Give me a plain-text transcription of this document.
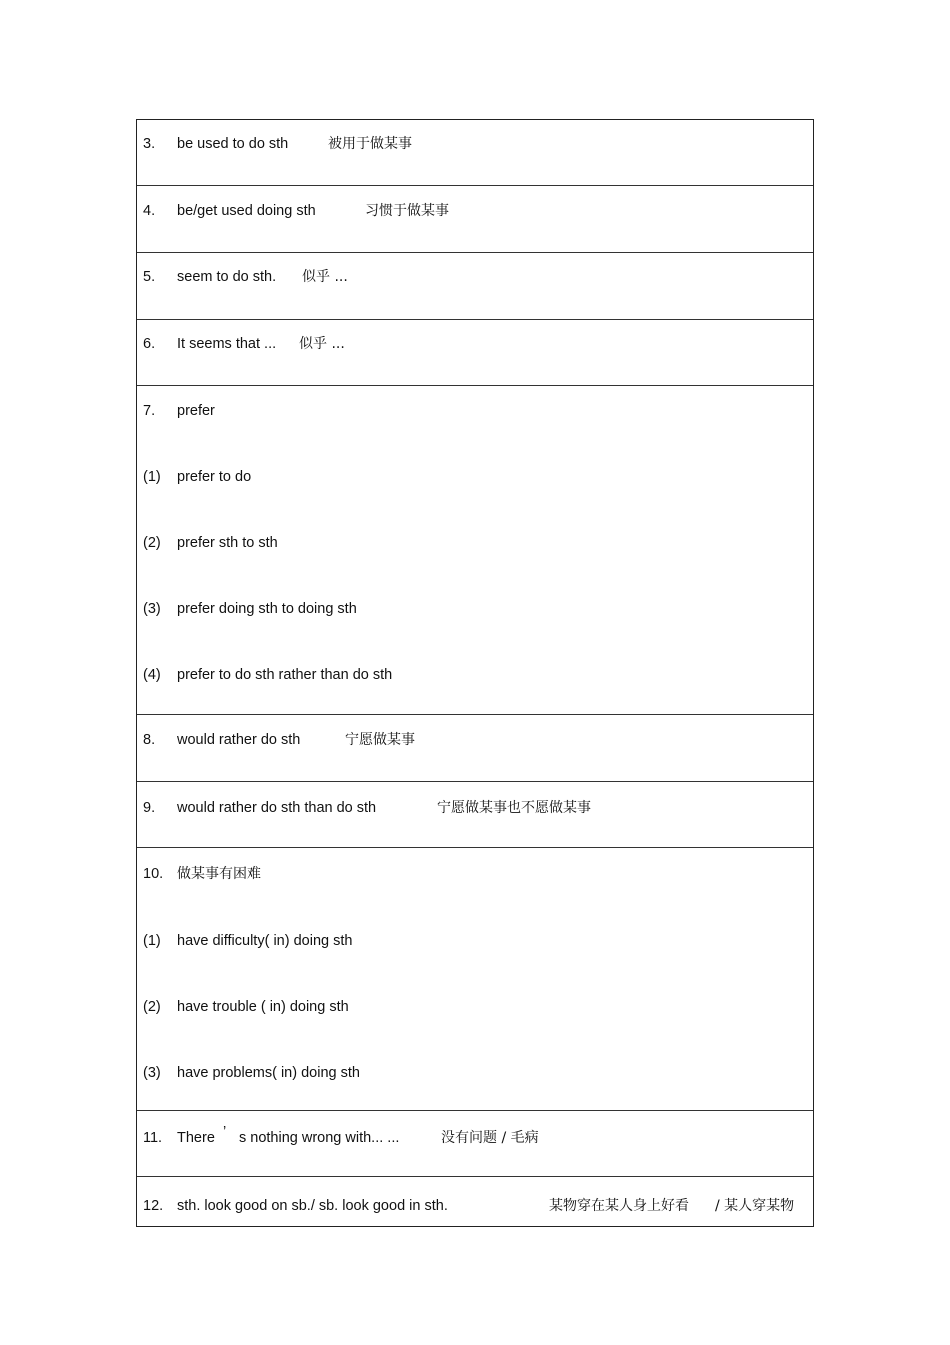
3. be used to do sth	被用于做某事
4. be/get used doing sth	习惯于做某事
5. seem to do sth. 似乎 ...
6. It seems that ... 似乎 ...
7. prefer
(1) prefer to do
(2) prefer sth to sth
(3) prefer doing sth to doing sth
(4) prefer to do sth rather than do sth
8. would rather do sth	宁愿做某事
9. would rather do sth than do sth	宁愿做某事也不愿做某事
10. 做某事有困难
(1) have difficulty( in) doing sth
(2) have trouble ( in) doing sth
(3) have problems( in) doing sth
11. There ’ s nothing wrong with... ...	没有问题 / 毛病
12. sth. look good on sb./ sb. look good in sth.	某物穿在某人身上好看 / 某人穿某物
